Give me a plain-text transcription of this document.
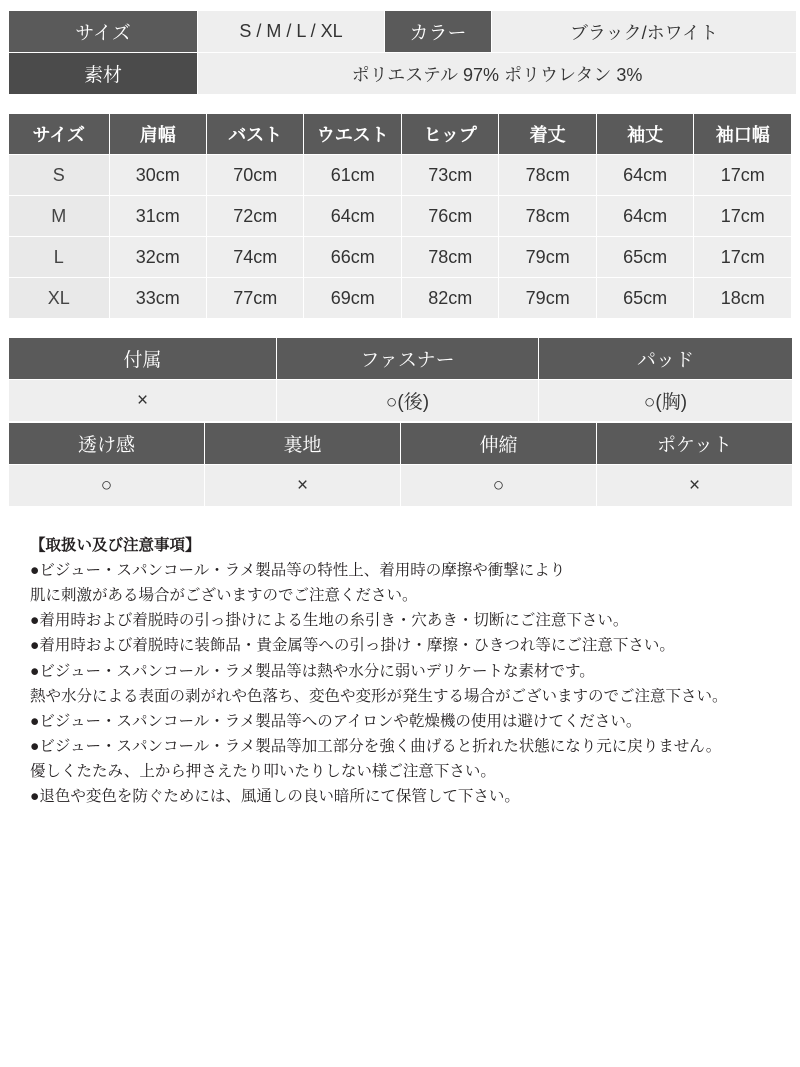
サイズ	S / M / L / XL	カラー	ブラック/ホワイト
素材	ポリエステル 97% ポリウレタン 3%		
サイズ	肩幅	バスト	ウエスト	ヒップ	着丈	袖丈	袖口幅
S	30cm	70cm	61cm	73cm	78cm	64cm	17cm
M	31cm	72cm	64cm	76cm	78cm	64cm	17cm
L	32cm	74cm	66cm	78cm	79cm	65cm	17cm
XL	33cm	77cm	69cm	82cm	79cm	65cm	18cm
付属	ファスナー	パッド
×	○(後)	○(胸)
透け感	裏地	伸縮	ポケット
○	×	○	×
【取扱い及び注意事項】
●ビジュー・スパンコール・ラメ製品等の特性上、着用時の摩擦や衝撃により
肌に刺激がある場合がございますのでご注意ください。
●着用時および着脱時の引っ掛けによる生地の糸引き・穴あき・切断にご注意下さい。
●着用時および着脱時に装飾品・貴金属等への引っ掛け・摩擦・ひきつれ等にご注意下さい。
●ビジュー・スパンコール・ラメ製品等は熱や水分に弱いデリケートな素材です。
熱や水分による表面の剥がれや色落ち、変色や変形が発生する場合がございますのでご注意下さい。
●ビジュー・スパンコール・ラメ製品等へのアイロンや乾燥機の使用は避けてください。
●ビジュー・スパンコール・ラメ製品等加工部分を強く曲げると折れた状態になり元に戻りません。
優しくたたみ、上から押さえたり叩いたりしない様ご注意下さい。
●退色や変色を防ぐためには、風通しの良い暗所にて保管して下さい。
